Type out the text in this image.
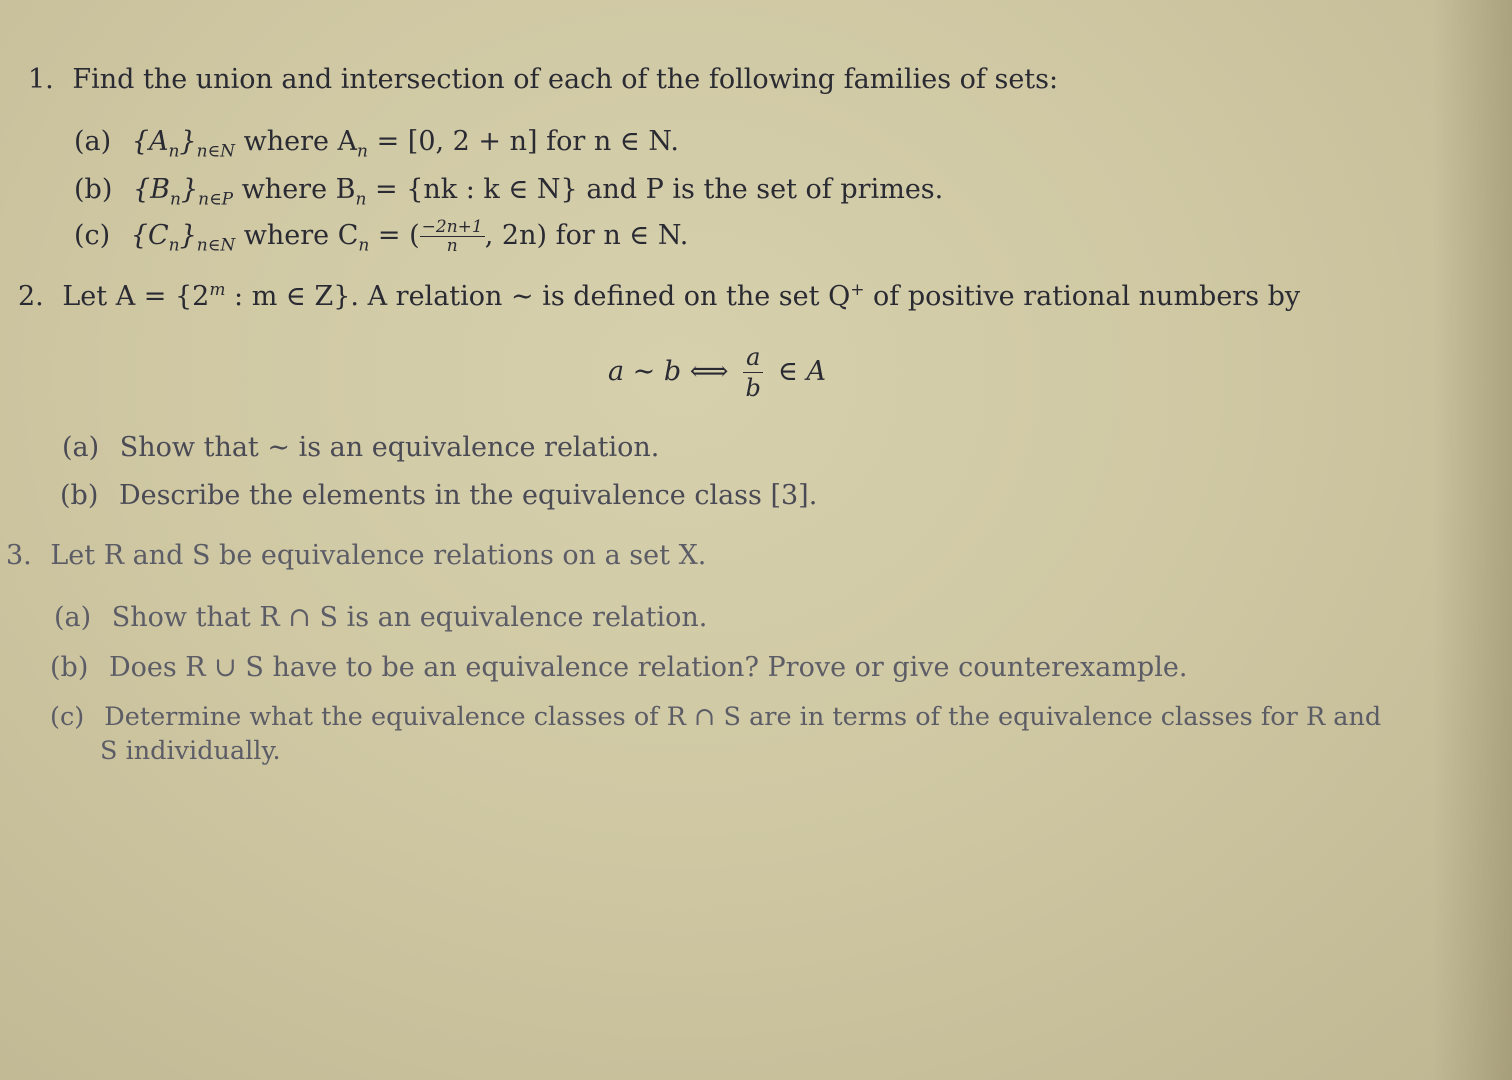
1. Find the union and intersection of each of the following families of sets:
(a) $\{A_n\}_{n\in N}$ where $A_n = [0$, 2 + n] for n ∈ N.
(b) $\{B_n\}_{n\in P}$ where $B_n = \{nk$ : k ∈ N} and P is the set of primes.
(c) $\{C_n\}_{n\in N}$ where $C_n$ = ( $\frac{-2n+1}{n}$ , 2n) for n ∈ N.
2. Let $A = \{2^m$ : m ∈ Z}. A relation ∼ is defined on the set Q+ of positive rational numbers by
a ∼ b ⟺ $\frac{a}{b}$ ∈ A
(a) Show that ∼ is an equivalence relation.
(b) Describe the elements in the equivalence class [3].
3. Let R and S be equivalence relations on a set X.
(a) Show that R ∩ S is an equivalence relation.
(b) Does R ∪ S have to be an equivalence relation? Prove or give counterexample.
(c) Determine what the equivalence classes of R ∩ S are in terms of the equivalence classes for R and
S individually.
